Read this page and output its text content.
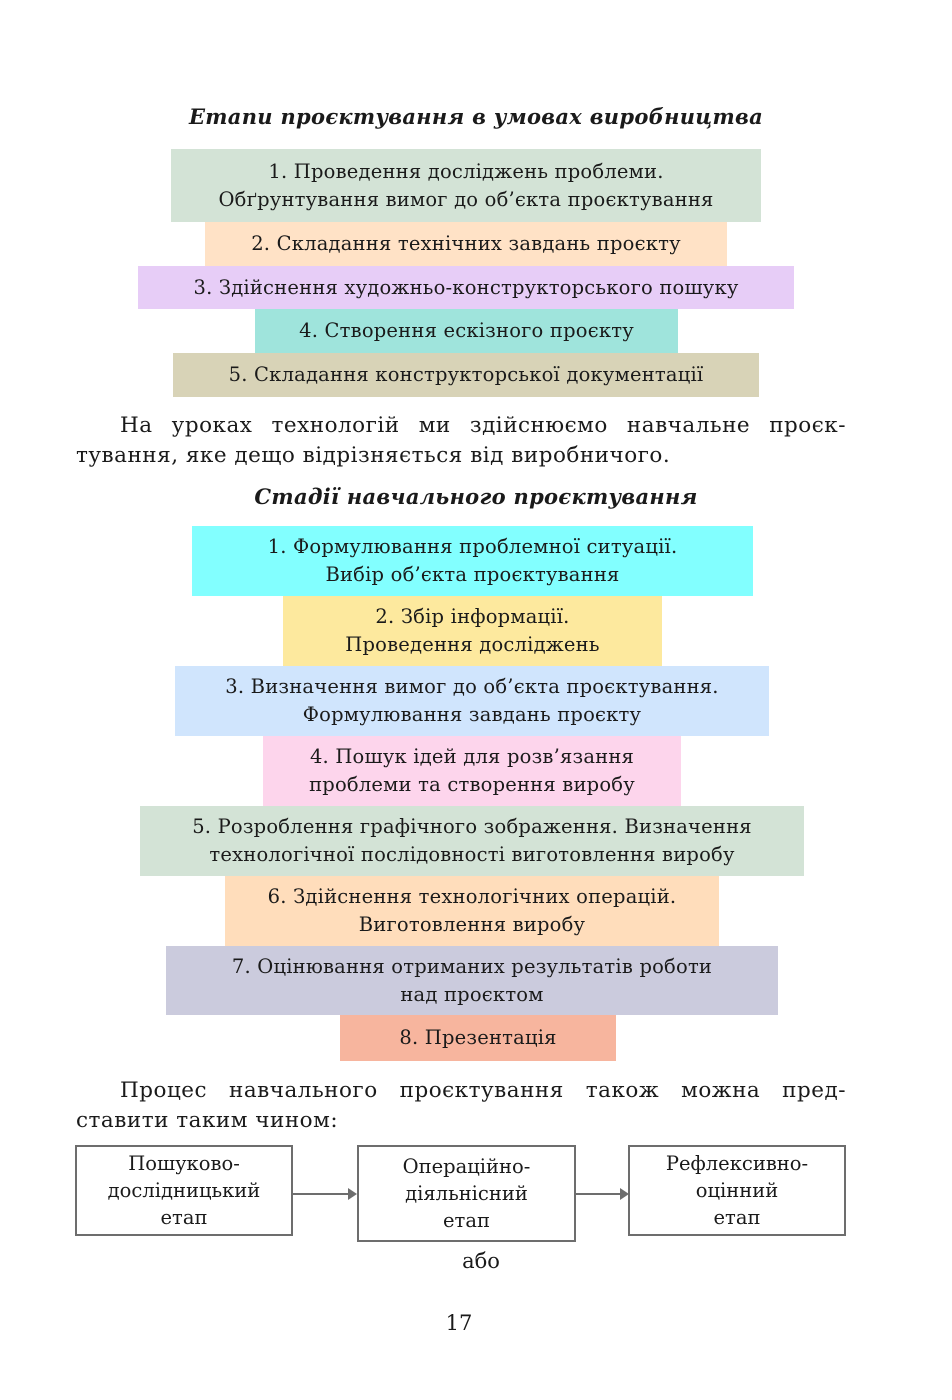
Етапи проєктування в умовах виробництва
1. Проведення досліджень проблеми.
Обґрунтування вимог до об’єкта проєктування
2. Складання технічних завдань проєкту
3. Здійснення художньо-конструкторського пошуку
4. Створення ескізного проєкту
5. Складання конструкторської документації
На уроках технологій ми здійснюємо навчальне проєк-
тування, яке дещо відрізняється від виробничого.
Стадії навчального проєктування
1. Формулювання проблемної ситуації.
Вибір об’єкта проєктування
2. Збір інформації.
Проведення досліджень
3. Визначення вимог до об’єкта проєктування.
Формулювання завдань проєкту
4. Пошук ідей для розв’язання
проблеми та створення виробу
5. Розроблення графічного зображення. Визначення
технологічної послідовності виготовлення виробу
6. Здійснення технологічних операцій.
Виготовлення виробу
7. Оцінювання отриманих результатів роботи
над проєктом
8. Презентація
Процес навчального проєктування також можна пред-
ставити таким чином:
Пошуково-
дослідницький
етап
Операційно-
діяльнісний
етап
Рефлексивно-
оцінний
етап
або
17
